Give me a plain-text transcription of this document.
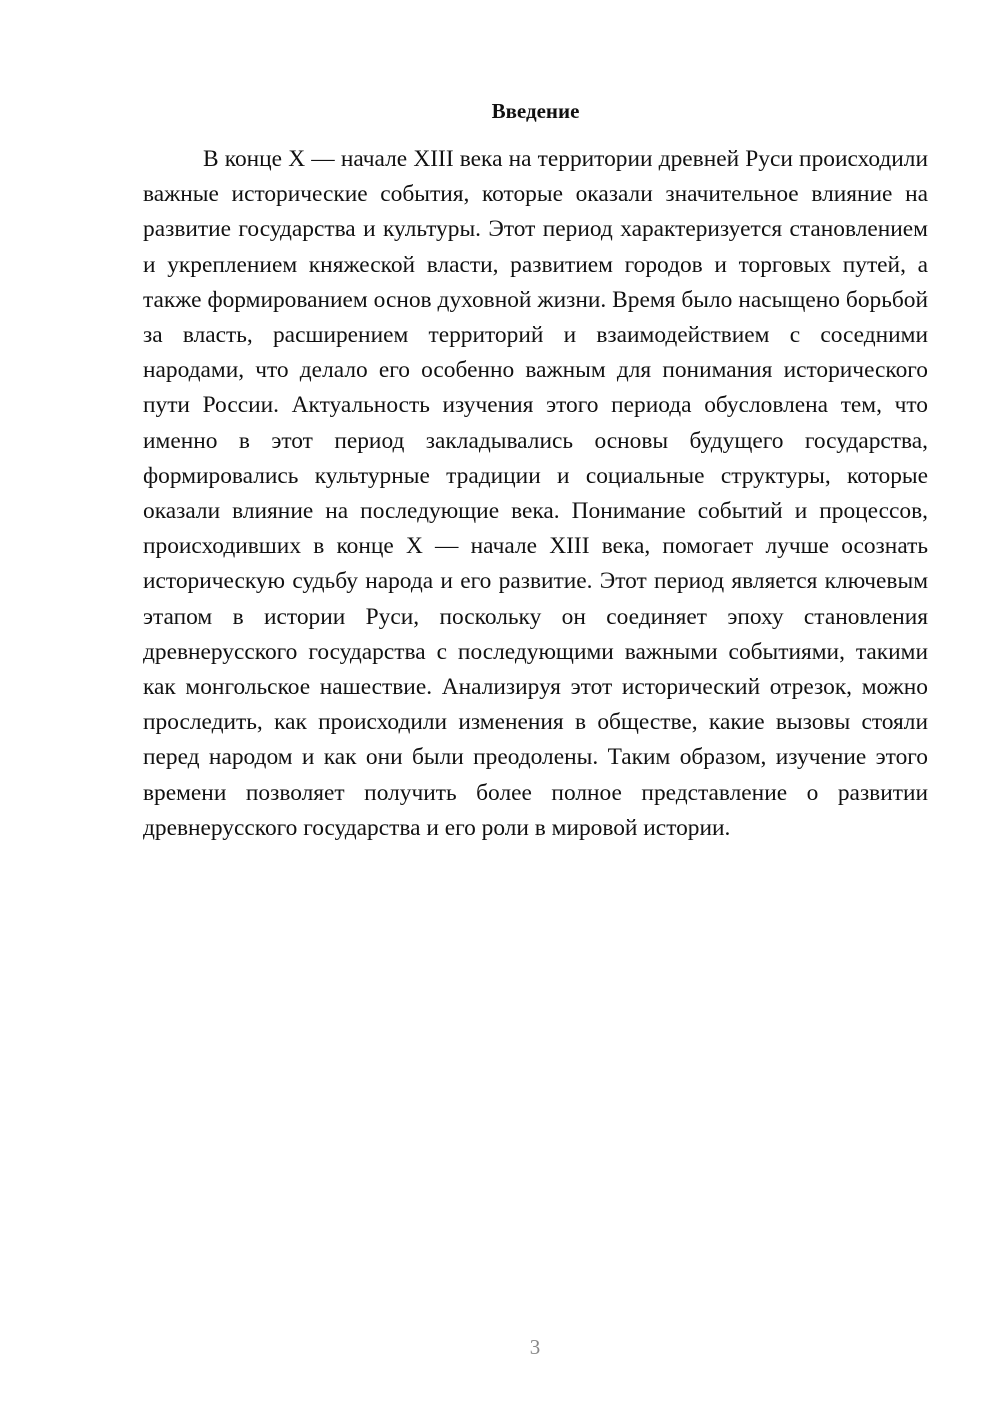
Введение

В конце X — начале XIII века на территории древней Руси происходили важные исторические события, которые оказали значительное влияние на развитие государства и культуры. Этот период характеризуется становлением и укреплением княжеской власти, развитием городов и торговых путей, а также формированием основ духовной жизни. Время было насыщено борьбой за власть, расширением территорий и взаимодействием с соседними народами, что делало его особенно важным для понимания исторического пути России. Актуальность изучения этого периода обусловлена тем, что именно в этот период закладывались основы будущего государства, формировались культурные традиции и социальные структуры, которые оказали влияние на последующие века. Понимание событий и процессов, происходивших в конце X — начале XIII века, помогает лучше осознать историческую судьбу народа и его развитие. Этот период является ключевым этапом в истории Руси, поскольку он соединяет эпоху становления древнерусского государства с последующими важными событиями, такими как монгольское нашествие. Анализируя этот исторический отрезок, можно проследить, как происходили изменения в обществе, какие вызовы стояли перед народом и как они были преодолены. Таким образом, изучение этого времени позволяет получить более полное представление о развитии древнерусского государства и его роли в мировой истории.

3
